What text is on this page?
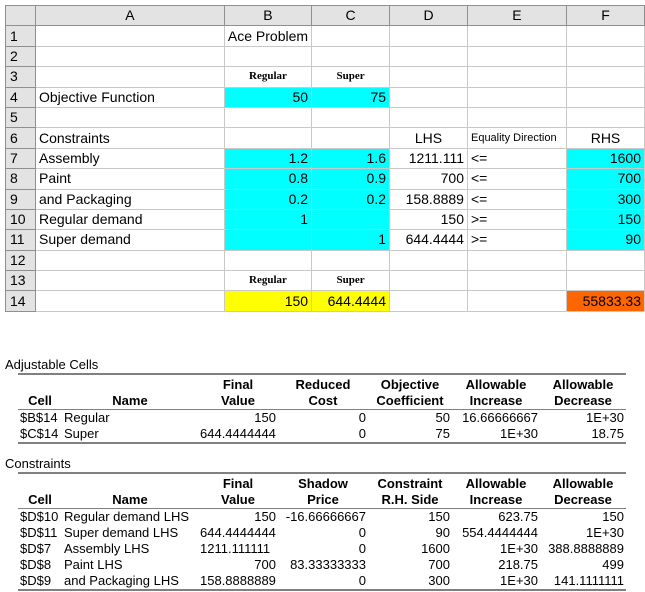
	A	B	C	D	E	F
1		Ace Problem				
2						
3		Regular	Super			
4	Objective Function	50	75			
5						
6	Constraints			LHS	Equality Direction	RHS
7	Assembly	1.2	1.6	1211.111	<=	1600
8	Paint	0.8	0.9	700	<=	700
9	and Packaging	0.2	0.2	158.8889	<=	300
10	Regular demand	1		150	>=	150
11	Super demand		1	644.4444	>=	90
12						
13		Regular	Super			
14		150	644.4444			55833.33
Adjustable Cells
		Final	Reduced	Objective	Allowable	Allowable
Cell	Name	Value	Cost	Coefficient	Increase	Decrease
$B$14	Regular	150	0	50	16.66666667	1E+30
$C$14	Super	644.4444444	0	75	1E+30	18.75
Constraints
		Final	Shadow	Constraint	Allowable	Allowable
Cell	Name	Value	Price	R.H. Side	Increase	Decrease
$D$10	Regular demand LHS	150	-16.66666667	150	623.75	150
$D$11	Super demand LHS	644.4444444	0	90	554.4444444	1E+30
$D$7	Assembly LHS	1211.111111	0	1600	1E+30	388.8888889
$D$8	Paint LHS	700	83.33333333	700	218.75	499
$D$9	and Packaging LHS	158.8888889	0	300	1E+30	141.1111111
